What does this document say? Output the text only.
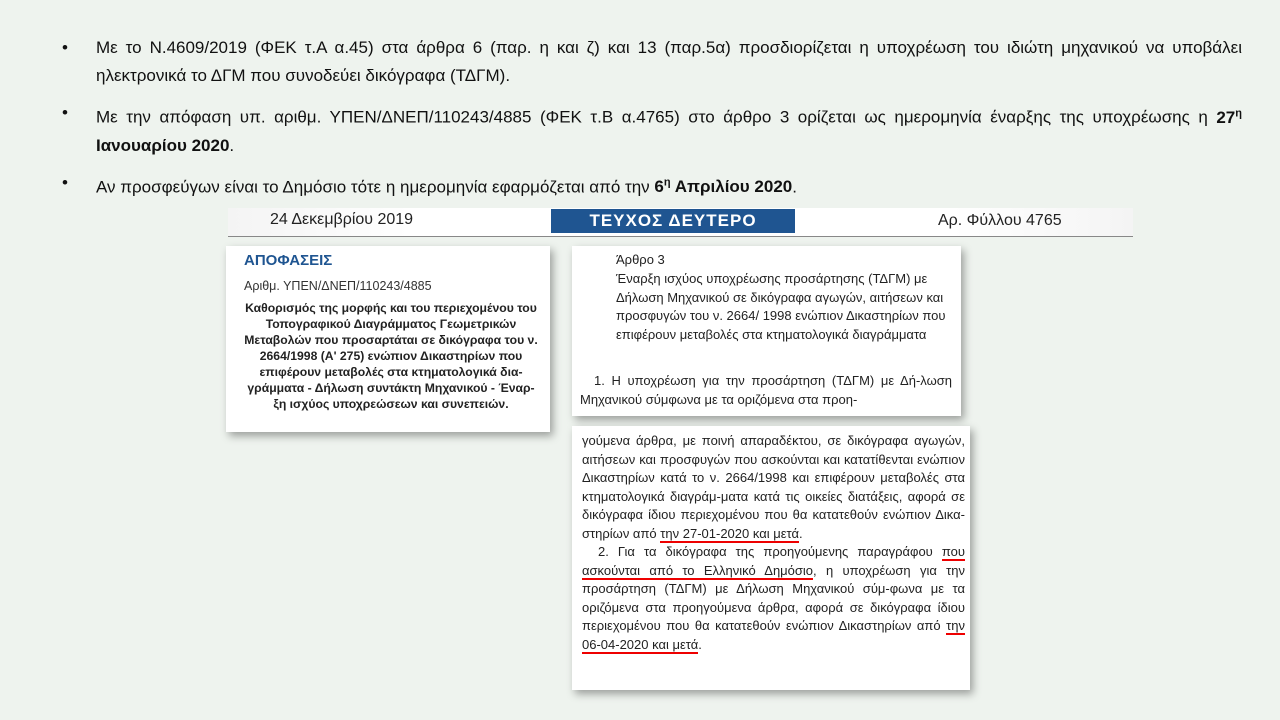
• Με το Ν.4609/2019 (ΦΕΚ τ.Α α.45) στα άρθρα 6 (παρ. η και ζ) και 13 (παρ.5α) προσδιορίζεται η υποχρέωση του ιδιώτη μηχανικού να υποβάλει ηλεκτρονικά το ΔΓΜ που συνοδεύει δικόγραφα (ΤΔΓΜ).
• Με την απόφαση υπ. αριθμ. ΥΠΕΝ/ΔΝΕΠ/110243/4885 (ΦΕΚ τ.Β α.4765) στο άρθρο 3 ορίζεται ως ημερομηνία έναρξης της υποχρέωσης η $27^\eta$ Ιανουαρίου 2020.
• Αν προσφεύγων είναι το Δημόσιο τότε η ημερομηνία εφαρμόζεται από την $6^\eta$ Απριλίου 2020.
24 Δεκεμβρίου 2019	ΤΕΥΧΟΣ ΔΕΥΤΕΡΟ	Αρ. Φύλλου 4765
ΑΠΟΦΑΣΕΙΣ
Αριθμ. ΥΠΕΝ/ΔΝΕΠ/110243/4885
Καθορισμός της μορφής και του περιεχομένου του Τοπογραφικού Διαγράμματος Γεωμετρικών Μεταβολών που προσαρτάται σε δικόγραφα του ν. 2664/1998 (Α' 275) ενώπιον Δικαστηρίων που επιφέρουν μεταβολές στα κτηματολογικά δια-γράμματα - Δήλωση συντάκτη Μηχανικού - Έναρ-ξη ισχύος υποχρεώσεων και συνεπειών.
Άρθρο 3
Έναρξη ισχύος υποχρέωσης προσάρτησης (ΤΔΓΜ) με Δήλωση Μηχανικού σε δικόγραφα αγωγών, αιτήσεων και προσφυγών του ν. 2664/ 1998 ενώπιον Δικαστηρίων που επιφέρουν μεταβολές στα κτηματολογικά διαγράμματα
1. Η υποχρέωση για την προσάρτηση (ΤΔΓΜ) με Δή-λωση Μηχανικού σύμφωνα με τα οριζόμενα στα προη-

γούμενα άρθρα, με ποινή απαραδέκτου, σε δικόγραφα αγωγών, αιτήσεων και προσφυγών που ασκούνται και κατατίθενται ενώπιον Δικαστηρίων κατά το ν. 2664/1998 και επιφέρουν μεταβολές στα κτηματολογικά διαγράμ-ματα κατά τις οικείες διατάξεις, αφορά σε δικόγραφα ίδιου περιεχομένου που θα κατατεθούν ενώπιον Δικα-στηρίων από την 27-01-2020 και μετά.

2. Για τα δικόγραφα της προηγούμενης παραγράφου που ασκούνται από το Ελληνικό Δημόσιο, η υποχρέωση για την προσάρτηση (ΤΔΓΜ) με Δήλωση Μηχανικού σύμ-φωνα με τα οριζόμενα στα προηγούμενα άρθρα, αφορά σε δικόγραφα ίδιου περιεχομένου που θα κατατεθούν ενώπιον Δικαστηρίων από την 06-04-2020 και μετά.
